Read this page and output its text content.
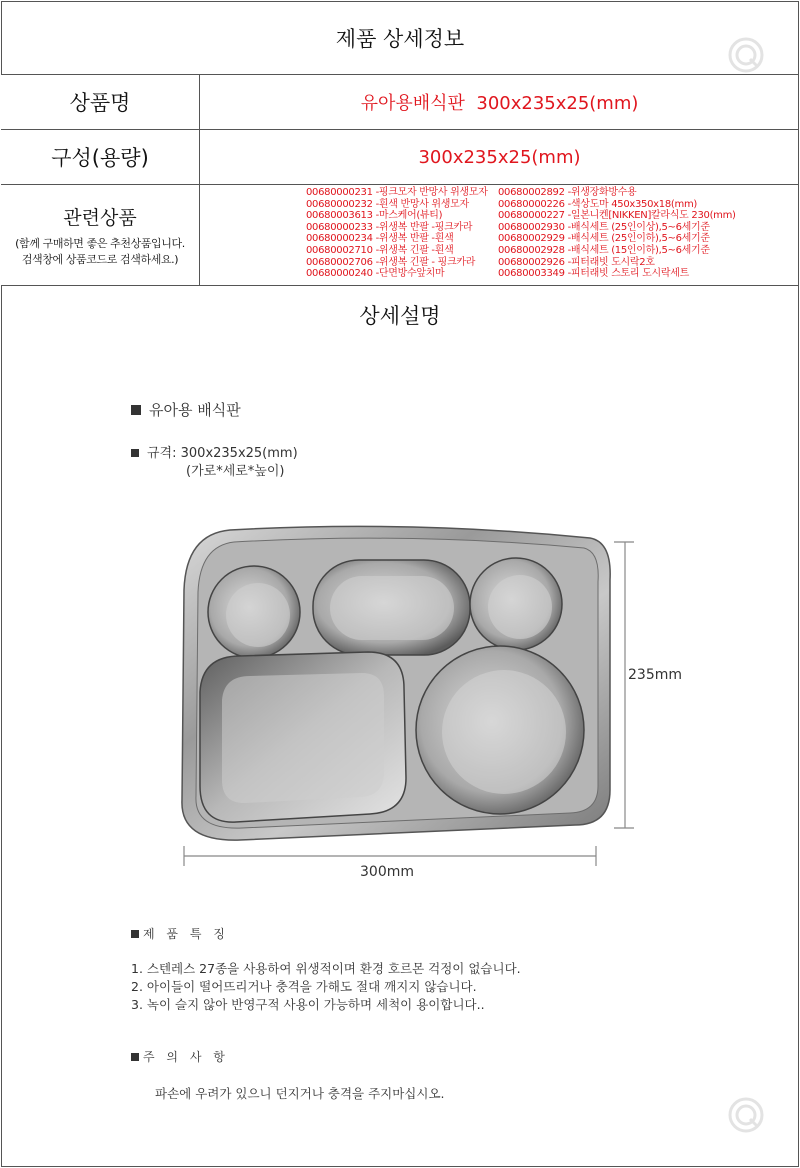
제품 상세정보
상품명	유아용배식판  300x235x25(mm)
구성(용량)	300x235x25(mm)
관련상품
(함께 구매하면 좋은 추천상품입니다.
검색창에 상품코드로 검색하세요.)
00680000231 -핑크모자 반망사 위생모자
00680000232 -흰색 반망사 위생모자
00680003613 -마스케어(뷰티)
00680000233 -위생복 반팔 -핑크카라
00680000234 -위생복 반팔 -흰색
00680002710 -위생복 긴팔 -흰색
00680002706 -위생복 긴팔 - 핑크카라
00680000240 -단면방수앞치마
00680002892 -위생장화방수용
00680000226 -색상도마 450x350x18(mm)
00680000227 -일본니켄[NIKKEN]칼라식도 230(mm)
00680002930 -배식세트 (25인이상),5~6세기준
00680002929 -배식세트 (25인이하),5~6세기준
00680002928 -배식세트 (15인이하),5~6세기준
00680002926 -피터래빗 도시락2호
00680003349 -피터래빗 스토리 도시락세트
상세설명
유아용 배식판
규격: 300x235x25(mm)
(가로*세로*높이)
235mm
300mm
제 품 특 징
1. 스텐레스 27종을 사용하여 위생적이며 환경 호르몬 걱정이 없습니다.
2. 아이들이 떨어뜨리거나 충격을 가해도 절대 깨지지 않습니다.
3. 녹이 슬지 않아 반영구적 사용이 가능하며 세척이 용이합니다..
주 의 사 항
파손에 우려가 있으니 던지거나 충격을 주지마십시오.
